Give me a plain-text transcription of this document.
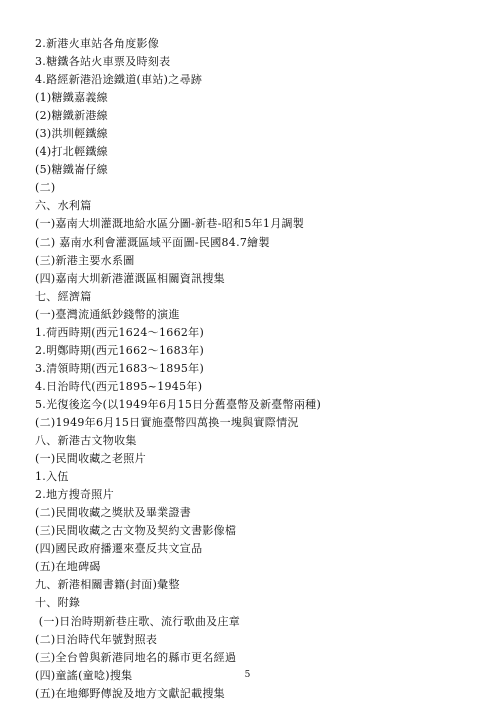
2.新港火車站各角度影像
3.糖鐵各站火車票及時刻表
4.路經新港沿途鐵道(車站)之尋跡
(1)糖鐵嘉義線
(2)糖鐵新港線
(3)洪圳輕鐵線
(4)打北輕鐵線
(5)糖鐵崙仔線
(二)
六、水利篇
(一)嘉南大圳灌溉地給水區分圖-新巷-昭和5年1月調製
(二) 嘉南水利會灌溉區域平面圖-民國84.7繪製
(三)新港主要水系圖
(四)嘉南大圳新港灌溉區相關資訊搜集
七、經濟篇
(一)臺灣流通紙鈔錢幣的演進
1.荷西時期(西元1624～1662年)
2.明鄭時期(西元1662～1683年)
3.清領時期(西元1683～1895年)
4.日治時代(西元1895~1945年)
5.光復後迄今(以1949年6月15日分舊臺幣及新臺幣兩種)
(二)1949年6月15日實施臺幣四萬換一塊與實際情況
八、新港古文物收集
(一)民間收藏之老照片
1.入伍
2.地方搜奇照片
(二)民間收藏之獎狀及畢業證書
(三)民間收藏之古文物及契約文書影像檔
(四)國民政府播遷來臺反共文宣品
(五)在地碑碣
九、新港相關書籍(封面)彙整
十、附錄
(一)日治時期新巷庄歌、流行歌曲及庄章
(二)日治時代年號對照表
(三)全台曾與新港同地名的縣市更名經過
(四)童謠(童唸)搜集
(五)在地鄉野傳說及地方文獻記載搜集
5
